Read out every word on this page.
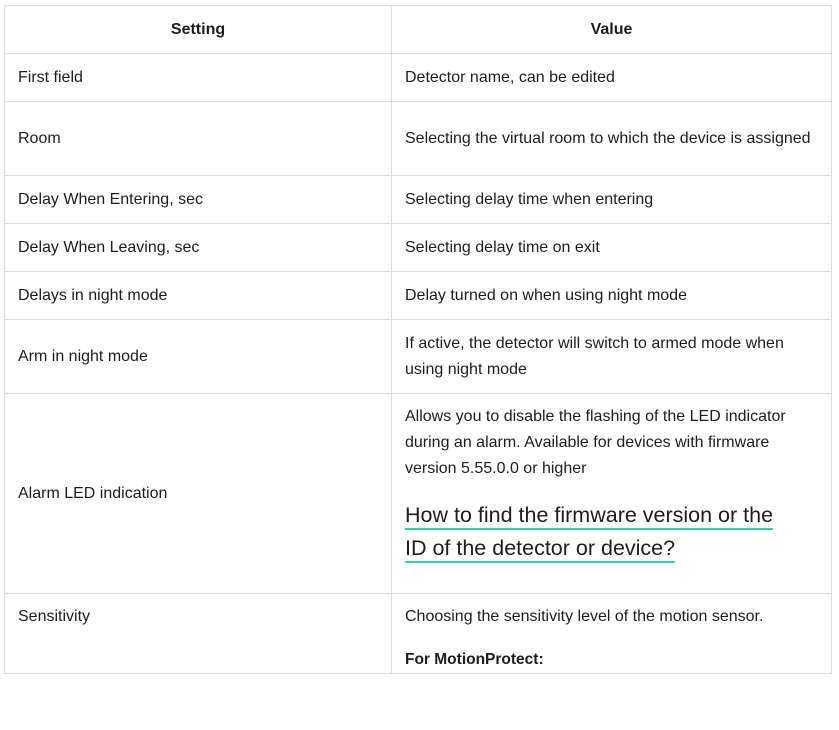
Setting	Value
First field	Detector name, can be edited
Room	Selecting the virtual room to which the device is assigned
Delay When Entering, sec	Selecting delay time when entering
Delay When Leaving, sec	Selecting delay time on exit
Delays in night mode	Delay turned on when using night mode
Arm in night mode	If active, the detector will switch to armed mode when using night mode
Alarm LED indication	Allows you to disable the flashing of the LED indicator during an alarm. Available for devices with firmware version 5.55.0.0 or higher

How to find the firmware version or the ID of the detector or device?

Sensitivity	Choosing the sensitivity level of the motion sensor.
For MotionProtect:
